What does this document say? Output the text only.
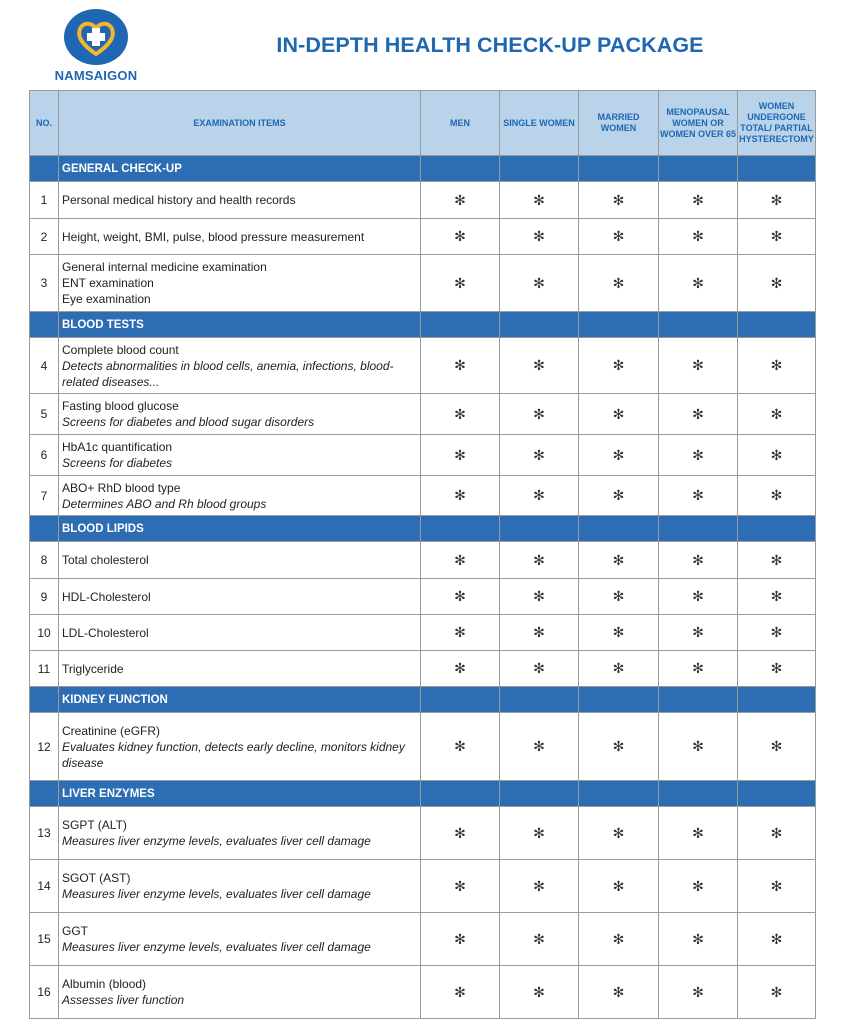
NAMSAIGON
IN-DEPTH HEALTH CHECK-UP PACKAGE
NO.	EXAMINATION ITEMS	MEN	SINGLE WOMEN	MARRIED WOMEN	MENOPAUSAL WOMEN OR WOMEN OVER 65	WOMEN UNDERGONE TOTAL/ PARTIAL HYSTERECTOMY
	GENERAL CHECK-UP					
1	Personal medical history and health records	✻	✻	✻	✻	✻
2	Height, weight, BMI, pulse, blood pressure measurement	✻	✻	✻	✻	✻
3	General internal medicine examination
ENT examination
Eye examination	✻	✻	✻	✻	✻
	BLOOD TESTS					
4	Complete blood count
Detects abnormalities in blood cells, anemia, infections, blood-related diseases...	✻	✻	✻	✻	✻
5	Fasting blood glucose
Screens for diabetes and blood sugar disorders	✻	✻	✻	✻	✻
6	HbA1c quantification
Screens for diabetes	✻	✻	✻	✻	✻
7	ABO+ RhD blood type
Determines ABO and Rh blood groups	✻	✻	✻	✻	✻
	BLOOD LIPIDS					
8	Total cholesterol	✻	✻	✻	✻	✻
9	HDL-Cholesterol	✻	✻	✻	✻	✻
10	LDL-Cholesterol	✻	✻	✻	✻	✻
11	Triglyceride	✻	✻	✻	✻	✻
	KIDNEY FUNCTION					
12	Creatinine (eGFR)
Evaluates kidney function, detects early decline, monitors kidney disease	✻	✻	✻	✻	✻
	LIVER ENZYMES					
13	SGPT (ALT)
Measures liver enzyme levels, evaluates liver cell damage	✻	✻	✻	✻	✻
14	SGOT (AST)
Measures liver enzyme levels, evaluates liver cell damage	✻	✻	✻	✻	✻
15	GGT
Measures liver enzyme levels, evaluates liver cell damage	✻	✻	✻	✻	✻
16	Albumin (blood)
Assesses liver function	✻	✻	✻	✻	✻
